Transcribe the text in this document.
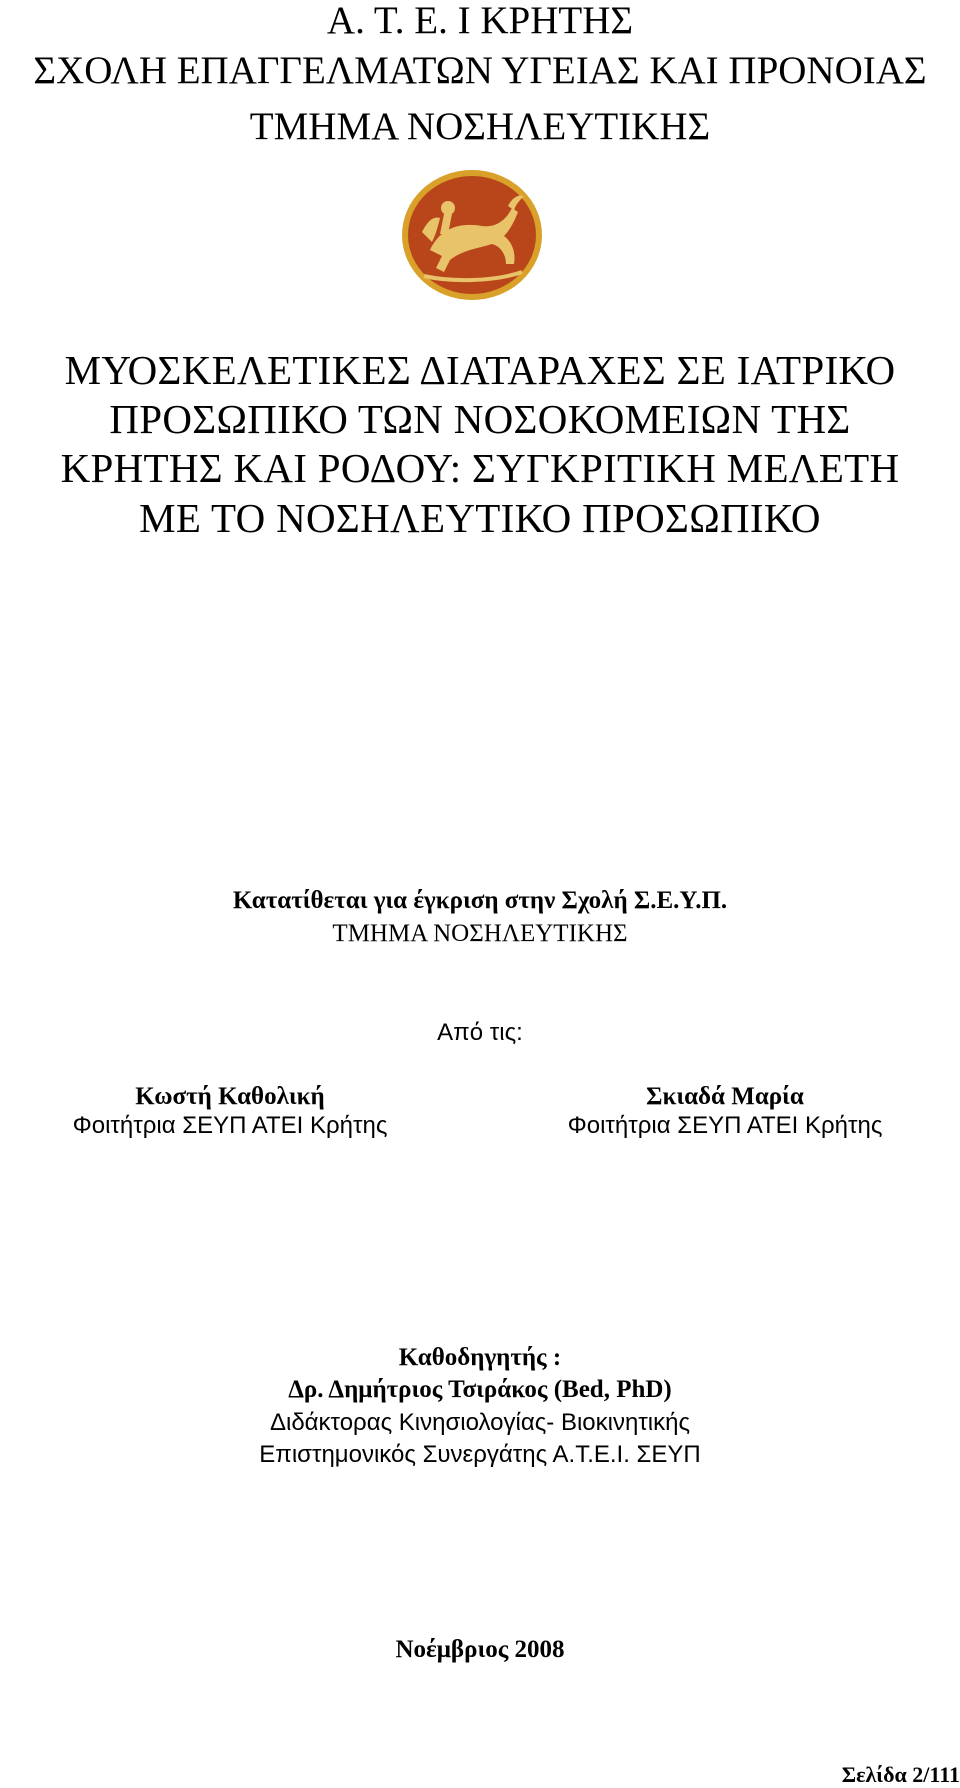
Α. Τ. Ε. Ι ΚΡΗΤΗΣ
ΣΧΟΛΗ ΕΠΑΓΓΕΛΜΑΤΩΝ ΥΓΕΙΑΣ ΚΑΙ ΠΡΟΝΟΙΑΣ
ΤΜΗΜΑ ΝΟΣΗΛΕΥΤΙΚΗΣ
ΜΥΟΣΚΕΛΕΤΙΚΕΣ ΔΙΑΤΑΡΑΧΕΣ ΣΕ ΙΑΤΡΙΚΟ
ΠΡΟΣΩΠΙΚΟ ΤΩΝ ΝΟΣΟΚΟΜΕΙΩΝ ΤΗΣ
ΚΡΗΤΗΣ ΚΑΙ ΡΟΔΟΥ: ΣΥΓΚΡΙΤΙΚΗ ΜΕΛΕΤΗ
ΜΕ ΤΟ ΝΟΣΗΛΕΥΤΙΚΟ ΠΡΟΣΩΠΙΚΟ
Κατατίθεται για έγκριση στην Σχολή Σ.Ε.Υ.Π.
ΤΜΗΜΑ ΝΟΣΗΛΕΥΤΙΚΗΣ
Από τις:
Κωστή Καθολική
Φοιτήτρια ΣΕΥΠ ΑΤΕΙ Κρήτης
Σκιαδά Μαρία
Φοιτήτρια ΣΕΥΠ ΑΤΕΙ Κρήτης
Καθοδηγητής :
Δρ. Δημήτριος Τσιράκος (Bed, PhD)
Διδάκτορας Κινησιολογίας- Βιοκινητικής
Επιστημονικός Συνεργάτης Α.Τ.Ε.Ι. ΣΕΥΠ
Νοέμβριος 2008
Σελίδα 2/111
